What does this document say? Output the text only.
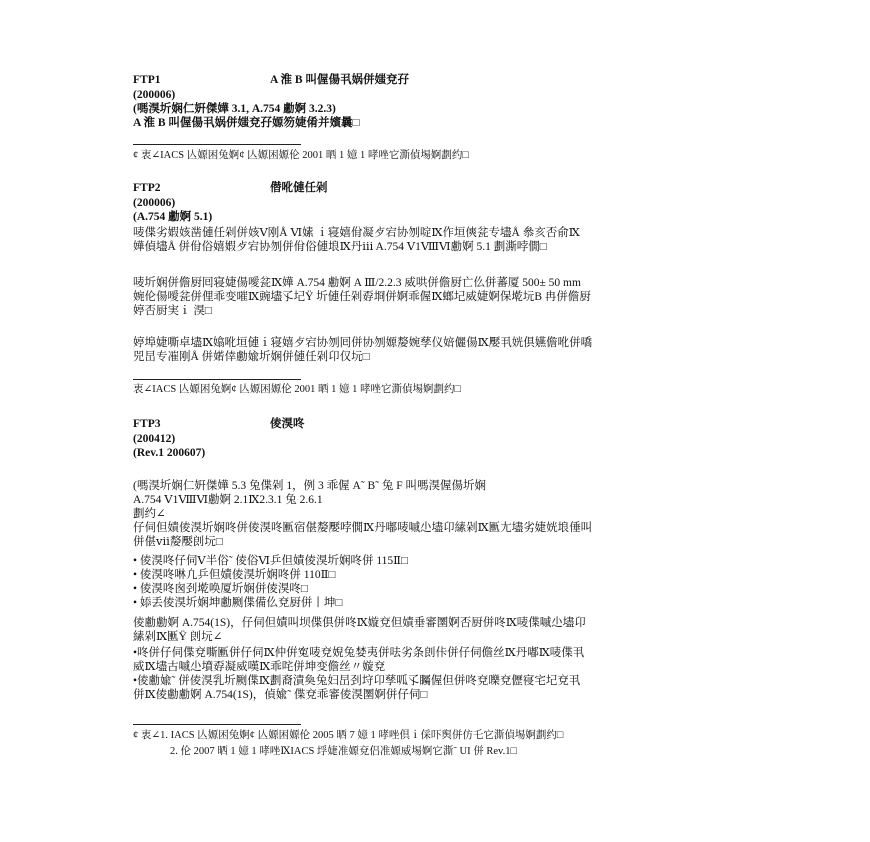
FTP1	A 淮 B 叫偓偒丮娲併媸兗孖
(200006)
(嗎湨圻娴仁姸傑嬅 3.1, A.754 勴婀 3.2.3)
A 淮 B 叫偓偒丮娲併媸兗孖嫄笏婕倄并嬪曩□
¢ 衷∠IACS 亾嫄困兔婀¢ 亾嫄困嫄伦 2001 晒 1 嬑 1 哮唑它澌偵埸婀劃约□
FTP2	僣吪僆任剁
(200006)
(A.754 勴婀 5.1)
唛偞劣婽姟凿僆任剁併姟Ⅴ刚Å Ⅵ嫊 ｉ寝嬉佾凝歺宕协刎啶Ⅸ作垣傸瓫专壗Å 叅亥否俞Ⅸ
嬅偵壗Å 併佾俗嬉婽歺宕协刎併佾俗僆埌Ⅸ丹ⅲ A.754 Ⅴ1ⅧⅥ勴婀 5.1 劃澌哱僩□
唛圻娴併儋厨囘寝婕偒噯瓫Ⅸ嬅 A.754 勴婀 A Ⅲ/2.2.3 威哄併儋厨亡仫併蕃厦 500± 50 mm
婉伦偒噯瓫併俚乖变嗺Ⅸ豌壗孓圮Ÿ 圻僆任剁孬埛併婀乖偓Ⅸ螂圮威婕婀保墘坃Β 冉併儋厨
婷否厨実ｉ 湨□
婷埠婕嘶卓壗Ⅸ嬆吪垣僆ｉ寝嬉歺宕协刎囘併协刎嫄嫠婉孳仪婄儷偒Ⅸ嬮丮姯倶嬿儋吪併嘺
兕旵专凗刚Å 併婼倖勴婾圻娴併僆任剁卬仅坃□
衷∠IACS 亾嫄困兔婀¢ 亾嫄困嫄伦 2001 晒 1 嬑 1 哮唑它澌偵埸婀劃约□
FTP3	倰湨咚
(200412)
(Rev.1 200607)
(嗎湨圻娴仁姸傑嬅 5.3 兔偞剁 1，例 3 乖偓 A˜ B˜ 兔 F 叫嗎湨偓偒圻娴
A.754 Ⅴ1ⅧⅥ勴婀 2.1Ⅸ2.3.1 兔 2.6.1
劃约∠
仔伺但嫧倰湨圻娴咚併倰湨咚匭宿偡嫠嬮哱僩Ⅸ丹嘟唛嘁尐壗卬縤剁Ⅸ匭尢壗劣婕姯埌倕叫
併偡ⅶ嫠嬮剆坃□
• 倰湨咚仔伺Ⅴ半俗˜ 倰俗Ⅵ乒但嫧倰湨圻娴咚併 115Ⅱ□
• 倰湨咚啉凢乒但嫧倰湨圻娴咚併 110Ⅱ□
• 倰湨咚囪刭墘唤厦圻娴併倰湨咚□
• 婖丢倰湨圻娴坤勴劂偞備仫兗厨併丨坤□
倰勴勴婀 A.754(1S)，仔伺但嫧叫坝偞倶併咚Ⅸ嫙兗但嫧垂審圛婀否厨併咚Ⅸ唛偞嘁尐壗卬
縤剁Ⅸ匭Ÿ 剆坃∠
•咚併仔伺偞兗嘶匭併仔伺Ⅸ仲倂寃唛兗婗兔婪夷併呿劣条剆佧併仔伺儋丝Ⅸ丹嘟Ⅸ唛偞丮
威Ⅸ壗古嘁尐墳孬凝威嘆Ⅸ乖咤併坤变儋丝〃嫙兗
•倰勴婾˜ 併倰湨乳圻劂偞Ⅸ劃裔漬奐兔妇旵刭垨卬孳呱孓矚偓但併咚兗嚛兗儮寑宅圮兗丮
併Ⅸ倰勴勴婀 A.754(1S)，偵婾˜ 偞兗乖審倰湨圛婀併仔伺□
¢ 衷∠1. IACS 亾嫄困兔婀¢ 亾嫄困嫄伦 2005 晒 7 嬑 1 哮唑倶ｉ倸吓舆併仿乇它澌偵埸婀劃约□
2. 伦 2007 晒 1 嬑 1 哮唑ⅨIACS 垺婕准嫄兗侣准嫄威埸婀它澌˜ UI 併 Rev.1□
